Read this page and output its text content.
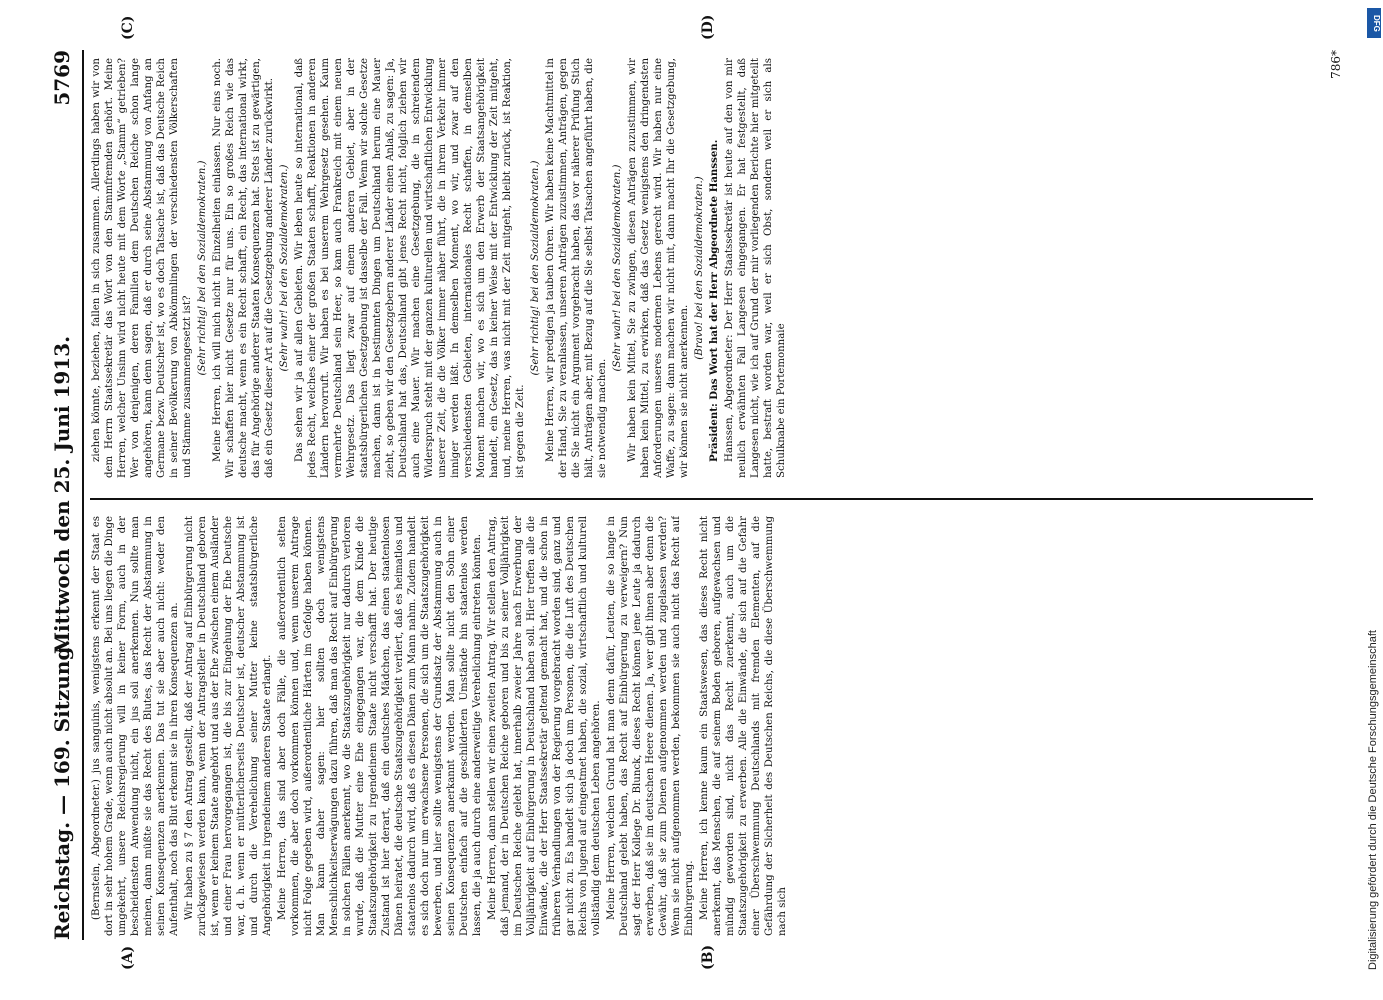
Reichstag. — 169. Sitzung.
Mittwoch den 25. Juni 1913.
5769
(A)	(B)
(C)	(D)

(Bernstein, Abgeordneter.) jus sanguinis, wenigstens erkennt der Staat es dort in sehr hohem Grade, wenn auch nicht absolut an. Bei uns liegen die Dinge umgekehrt, unsere Reichsregierung will in keiner Form, auch in der bescheidensten Anwendung nicht, ein jus soli anerkennen. Nun sollte man meinen, dann müßte sie das Recht des Blutes, das Recht der Abstammung in seinen Konsequenzen anerkennen. Das tut sie aber auch nicht: weder den Aufenthalt, noch das Blut erkennt sie in ihren Konsequenzen an. Wir haben zu § 7 den Antrag gestellt, daß der Antrag auf Einbürgerung nicht zurückgewiesen werden kann, wenn der Antragsteller in Deutschland geboren ist, wenn er keinem Staate angehört und aus der Ehe zwischen einem Ausländer und einer Frau hervorgegangen ist, die bis zur Eingehung der Ehe Deutsche war, d. h. wenn er mütterlicherseits Deutscher ist, deutscher Abstammung ist und durch die Verehelichung seiner Mutter keine staatsbürgerliche Angehörigkeit in irgendeinem anderen Staate erlangt. Meine Herren, das sind aber doch Fälle, die außerordentlich selten vorkommen, die aber doch vorkommen können und, wenn unserem Antrage nicht Folge gegeben wird, außerordentliche Härten im Gefolge haben können. Man kann daher sagen: hier sollten doch wenigstens Menschlichkeitserwägungen dazu führen, daß man das Recht auf Einbürgerung in solchen Fällen anerkennt, wo die Staatszugehörigkeit nur dadurch verloren wurde, daß die Mutter eine Ehe eingegangen war, die dem Kinde die Staatszugehörigkeit zu irgendeinem Staate nicht verschafft hat. Der heutige Zustand ist hier derart, daß ein deutsches Mädchen, das einen staatenlosen Dänen heiratet, die deutsche Staatszugehörigkeit verliert, daß es heimatlos und staatenlos dadurch wird, daß es diesen Dänen zum Mann nahm. Zudem handelt es sich doch nur um erwachsene Personen, die sich um die Staatszugehörigkeit bewerben, und hier sollte wenigstens der Grundsatz der Abstammung auch in seinen Konsequenzen anerkannt werden. Man sollte nicht den Sohn einer Deutschen einfach auf die geschilderten Umstände hin staatenlos werden lassen, die ja auch durch eine anderweitige Verehelichung eintreten könnten. Meine Herren, dann stellen wir einen zweiten Antrag. Wir stellen den Antrag, daß jemand, der in Deutschen Reiche geboren und bis zu seiner Volljährigkeit im Deutschen Reiche gelebt hat, innerhalb zweier Jahre nach Erwerbung der Volljährigkeit auf Einbürgerung in Deutschland haben soll. Hier treffen alle die Einwände, die der Herr Staatssekretär geltend gemacht hat, und die schon in früheren Verhandlungen von der Regierung vorgebracht worden sind, ganz und gar nicht zu. Es handelt sich ja doch um Personen, die die Luft des Deutschen Reichs von Jugend auf eingeatmet haben, die sozial, wirtschaftlich und kulturell vollständig dem deutschen Leben angehören. Meine Herren, welchen Grund hat man denn dafür, Leuten, die so lange in Deutschland gelebt haben, das Recht auf Einbürgerung zu verweigern? Nun sagt der Herr Kollege Dr. Blunck, dieses Recht können jene Leute ja dadurch erwerben, daß sie im deutschen Heere dienen. Ja, wer gibt ihnen aber denn die Gewähr, daß sie zum Dienen aufgenommen werden und zugelassen werden? Wenn sie nicht aufgenommen werden, bekommen sie auch nicht das Recht auf Einbürgerung. Meine Herren, ich kenne kaum ein Staatswesen, das dieses Recht nicht anerkennt, das Menschen, die auf seinem Boden geboren, aufgewachsen und mündig geworden sind, nicht das Recht zuerkennt, auch um die Staatszugehörigkeit zu erwerben. Alle die Einwände, die sich auf die Gefahr einer Überschwemmung Deutschlands mit fremden Elementen, auf die Gefährdung der Sicherheit des Deutschen Reichs, die diese Überschwemmung nach sich

ziehen könnte, beziehen, fallen in sich zusammen. Allerdings haben wir von dem Herrn Staatssekretär das Wort von den Stammfremden gehört. Meine Herren, welcher Unsinn wird nicht heute mit dem Worte „Stamm“ getrieben? Wer von denjenigen, deren Familien dem Deutschen Reiche schon lange angehören, kann denn sagen, daß er durch seine Abstammung von Anfang an Germane bezw. Deutscher ist, wo es doch Tatsache ist, daß das Deutsche Reich in seiner Bevölkerung von Abkömmlingen der verschiedensten Völkerschaften und Stämme zusammengesetzt ist?

(Sehr richtig! bei den Sozialdemokraten.) Meine Herren, ich will mich nicht in Einzelheiten einlassen. Nur eins noch. Wir schaffen hier nicht Gesetze nur für uns. Ein so großes Reich wie das deutsche macht, wenn es ein Recht schafft, ein Recht, das international wirkt, das für Angehörige anderer Staaten Konsequenzen hat. Stets ist zu gewärtigen, daß ein Gesetz dieser Art auf die Gesetzgebung anderer Länder zurückwirkt. (Sehr wahr! bei den Sozialdemokraten.) Das sehen wir ja auf allen Gebieten. Wir leben heute so international, daß jedes Recht, welches einer der großen Staaten schafft, Reaktionen in anderen Ländern hervorruft. Wir haben es bei unserem Wehrgesetz gesehen. Kaum vermehrte Deutschland sein Heer, so kam auch Frankreich mit einem neuen Wehrgesetz. Das liegt zwar auf einem anderen Gebiet, aber in der staatsbürgerlichen Gesetzgebung ist dasselbe der Fall. Wenn wir solche Gesetze machen, dann ist in bestimmten Dingen um Deutschland herum eine Mauer zieht, so geben wir den Gesetzgebern anderer Länder einen Anlaß, zu sagen: Ja, Deutschland hat das, Deutschland gibt jenes Recht nicht, folglich ziehen wir auch eine Mauer. Wir machen eine Gesetzgebung, die in schreiendem Widerspruch steht mit der ganzen kulturellen und wirtschaftlichen Entwicklung unserer Zeit, die die Völker immer näher führt, die in ihrem Verkehr immer inniger werden läßt. In demselben Moment, wo wir, und zwar auf den verschiedensten Gebieten, internationales Recht schaffen, in demselben Moment machen wir, wo es sich um den Erwerb der Staatsangehörigkeit handelt, ein Gesetz, das in keiner Weise mit der Entwicklung der Zeit mitgeht, und, meine Herren, was nicht mit der Zeit mitgeht, bleibt zurück, ist Reaktion, ist gegen die Zeit.

(Sehr richtig! bei den Sozialdemokraten.) Meine Herren, wir predigen ja tauben Ohren. Wir haben keine Machtmittel in der Hand, Sie zu veranlassen, unseren Anträgen zuzustimmen, Anträgen, gegen die Sie nicht ein Argument vorgebracht haben, das vor näherer Prüfung Stich hält, Anträgen aber, mit Bezug auf die Sie selbst Tatsachen angeführt haben, die sie notwendig machen.

(Sehr wahr! bei den Sozialdemokraten.) Wir haben kein Mittel, Sie zu zwingen, diesen Anträgen zuzustimmen, wir haben kein Mittel, zu erwirken, daß das Gesetz wenigstens den dringendsten Anforderungen unseres modernen Lebens gerecht wird. Wir haben nur eine Waffe, zu sagen: dann machen wir nicht mit, dann macht Ihr die Gesetzgebung, wir können sie nicht anerkennen.

(Bravo! bei den Sozialdemokraten.) Präsident: Das Wort hat der Herr Abgeordnete Hanssen. Hanssen, Abgeordneter: Der Herr Staatssekretär ist heute auf den von mir neulich erwähnten Fall Langesen eingegangen. Er hat festgestellt, daß Langesen nicht, wie ich auf Grund der mir vorliegenden Berichte hier mitgeteilt hatte, bestraft worden war, weil er sich Obst, sondern weil er sich als Schulknabe ein Portemonnaie

786*
DFG
Digitalisierung gefördert durch die Deutsche Forschungsgemeinschaft
